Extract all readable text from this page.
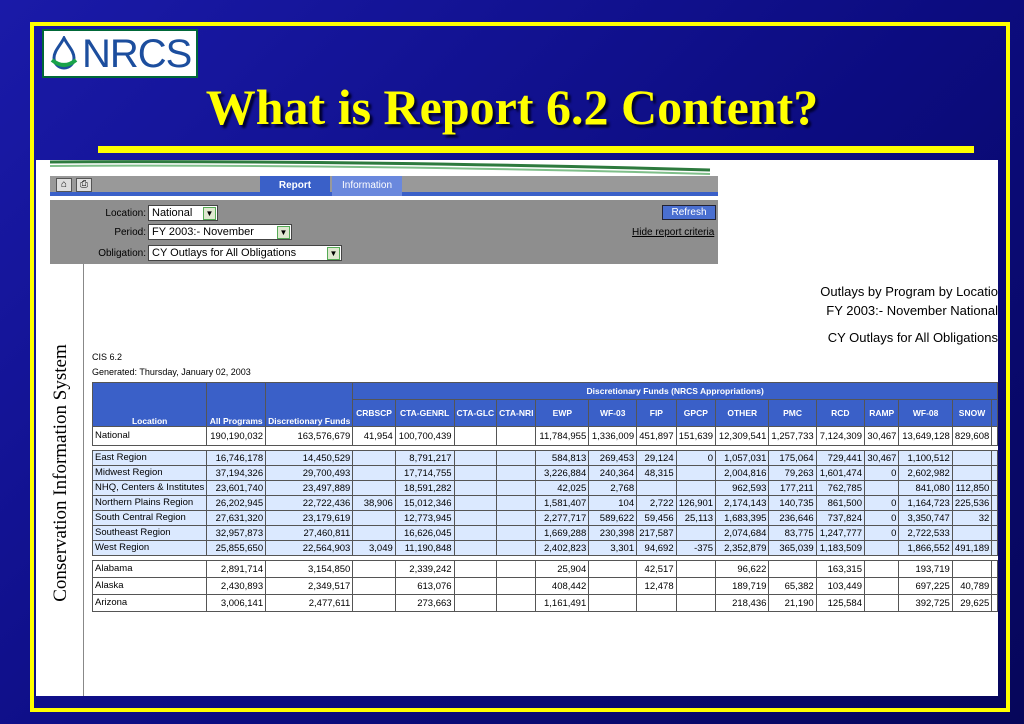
NRCS
What is Report 6.2 Content?
⌂	⎙	Report	Information
Location: National	▼
Period: FY 2003:- November	▼
Obligation: CY Outlays for All Obligations	▼
Refresh
Hide report criteria
Conservation Information System
Outlays by Program by Locatio
FY 2003:- November National
CY Outlays for All Obligations
CIS 6.2
Generated: Thursday, January 02, 2003
Location	All Programs	Discretionary Funds	Discretionary Funds (NRCS Appropriations)														
			CRBSCP	CTA-GENRL	CTA-GLC	CTA-NRI	EWP	WF-03	FIP	GPCP	OTHER	PMC	RCD	RAMP	WF-08	SNOW	
National	190,190,032	163,576,679	41,954	100,700,439			11,784,955	1,336,009	451,897	151,639	12,309,541	1,257,733	7,124,309	30,467	13,649,128	829,608	

East Region	16,746,178	14,450,529		8,791,217			584,813	269,453	29,124	0	1,057,031	175,064	729,441	30,467	1,100,512		
Midwest Region	37,194,326	29,700,493		17,714,755			3,226,884	240,364	48,315		2,004,816	79,263	1,601,474	0	2,602,982		
NHQ, Centers & Institutes	23,601,740	23,497,889		18,591,282			42,025	2,768			962,593	177,211	762,785		841,080	112,850	
Northern Plains Region	26,202,945	22,722,436	38,906	15,012,346			1,581,407	104	2,722	126,901	2,174,143	140,735	861,500	0	1,164,723	225,536	
South Central Region	27,631,320	23,179,619		12,773,945			2,277,717	589,622	59,456	25,113	1,683,395	236,646	737,824	0	3,350,747	32	
Southeast Region	32,957,873	27,460,811		16,626,045			1,669,288	230,398	217,587		2,074,684	83,775	1,247,777	0	2,722,533		
West Region	25,855,650	22,564,903	3,049	11,190,848			2,402,823	3,301	94,692	-375	2,352,879	365,039	1,183,509		1,866,552	491,189	

Alabama	2,891,714	3,154,850		2,339,242			25,904		42,517		96,622		163,315		193,719		
Alaska	2,430,893	2,349,517		613,076			408,442		12,478		189,719	65,382	103,449		697,225	40,789	
Arizona	3,006,141	2,477,611		273,663			1,161,491				218,436	21,190	125,584		392,725	29,625	
